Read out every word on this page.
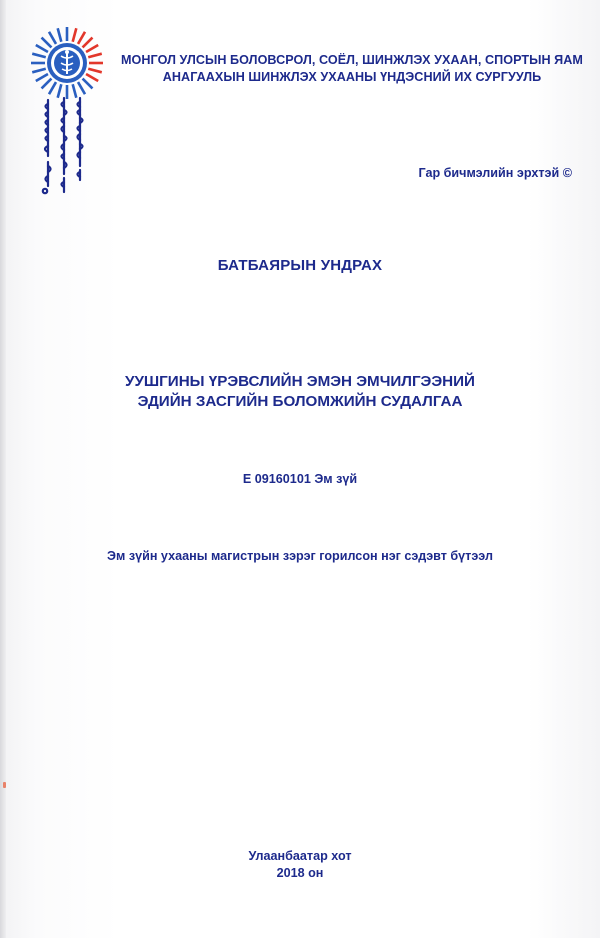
МОНГОЛ УЛСЫН БОЛОВСРОЛ, СОЁЛ, ШИНЖЛЭХ УХААН, СПОРТЫН ЯАМ
АНАГААХЫН ШИНЖЛЭХ УХААНЫ ҮНДЭСНИЙ ИХ СУРГУУЛЬ
Гар бичмэлийн эрхтэй ©
БАТБАЯРЫН УНДРАХ
УУШГИНЫ ҮРЭВСЛИЙН ЭМЭН ЭМЧИЛГЭЭНИЙ
ЭДИЙН ЗАСГИЙН БОЛОМЖИЙН СУДАЛГАА
Е 09160101 Эм зүй
Эм зүйн ухааны магистрын зэрэг горилсон нэг сэдэвт бүтээл
Улаанбаатар хот
2018 он
